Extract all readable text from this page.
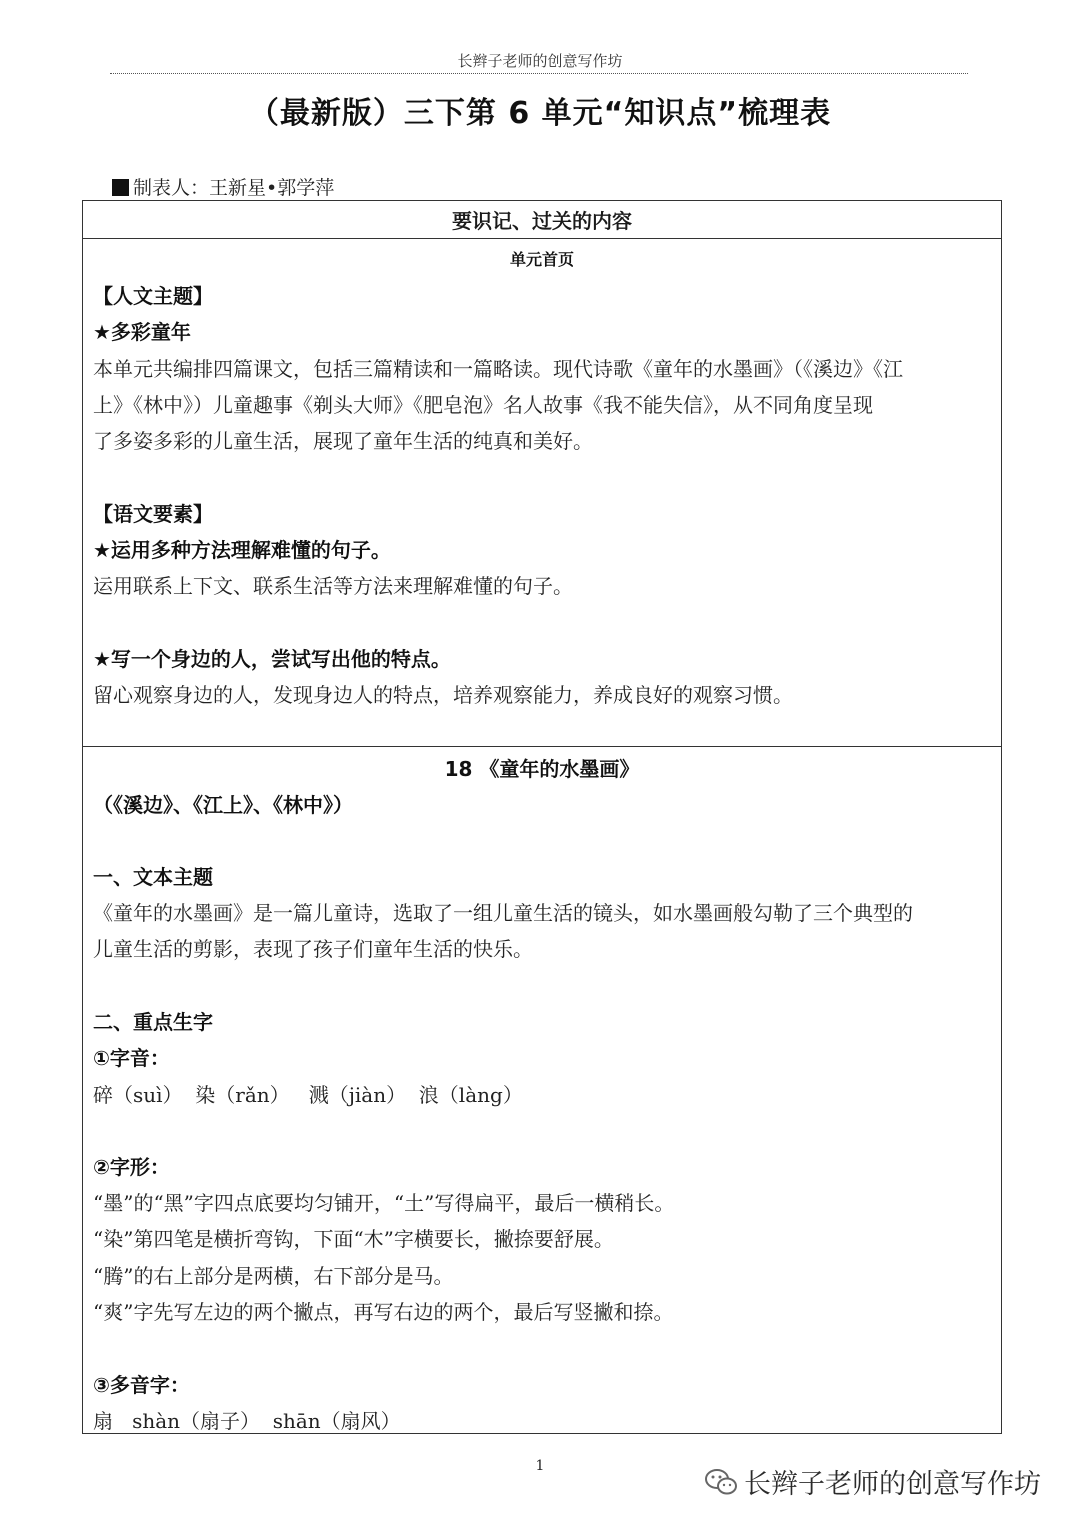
长辫子老师的创意写作坊
（最新版）三下第 6 单元“知识点”梳理表
制表人：王新星•郭学萍
要识记、过关的内容
单元首页
【人文主题】
★多彩童年
本单元共编排四篇课文，包括三篇精读和一篇略读。现代诗歌《童年的水墨画》（《溪边》《江
上》《林中》）儿童趣事《剃头大师》《肥皂泡》名人故事《我不能失信》，从不同角度呈现
了多姿多彩的儿童生活，展现了童年生活的纯真和美好。
【语文要素】
★运用多种方法理解难懂的句子。
运用联系上下文、联系生活等方法来理解难懂的句子。
★写一个身边的人，尝试写出他的特点。
留心观察身边的人，发现身边人的特点，培养观察能力，养成良好的观察习惯。
18 《童年的水墨画》
（《溪边》、《江上》、《林中》）
一、文本主题
《童年的水墨画》是一篇儿童诗，选取了一组儿童生活的镜头，如水墨画般勾勒了三个典型的
儿童生活的剪影，表现了孩子们童年生活的快乐。
二、重点生字
①字音：
碎（suì）  染（rǎn）   溅（jiàn）  浪（làng）
②字形：
“墨”的“黑”字四点底要均匀铺开，“土”写得扁平，最后一横稍长。
“染”第四笔是横折弯钩，下面“木”字横要长，撇捺要舒展。
“腾”的右上部分是两横，右下部分是马。
“爽”字先写左边的两个撇点，再写右边的两个，最后写竖撇和捺。
③多音字：
扇   shàn（扇子）  shān（扇风）
1
长辫子老师的创意写作坊
